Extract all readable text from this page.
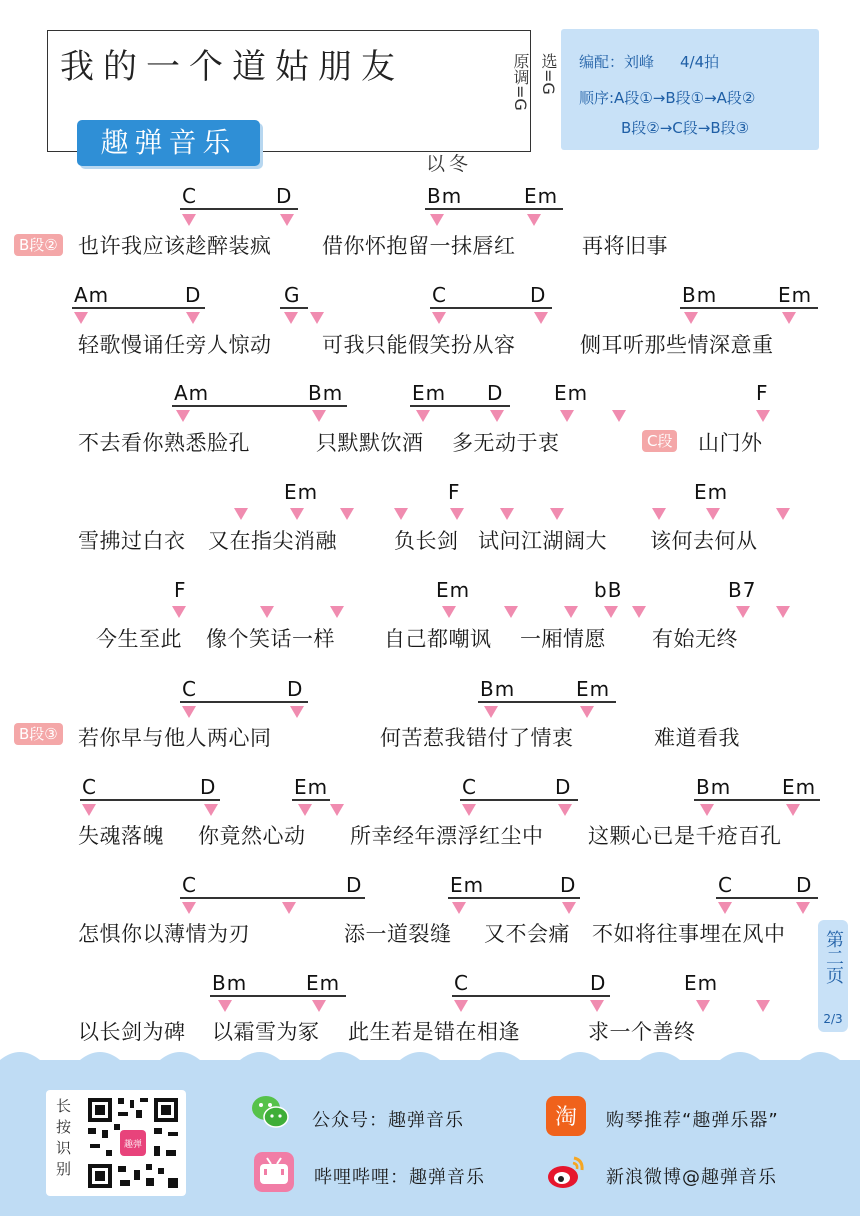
我的一个道姑朋友	选=G
原调=G
以冬
趣弹音乐
编配：刘峰 4/4拍
顺序:A段①→B段①→A段②
B段②→C段→B段③
B段②
C	D	Bm	Em
也许我应该趁醉装疯 借你怀抱留一抹唇红	再将旧事
Am	D	G	C	D	Bm	Em
轻歌慢诵任旁人惊动 可我只能假笑扮从容	侧耳听那些情深意重
Am	Bm	Em D	Em	F
不去看你熟悉脸孔	只默默饮酒 多无动于衷	C段 山门外
Em	F	Em
雪拂过白衣 又在指尖消融	负长剑 试问江湖阔大 该何去何从
F	Em	bB	B7
今生至此 像个笑话一样 自己都嘲讽 一厢情愿 有始无终
B段③
C	D	Bm	Em
若你早与他人两心同	何苦惹我错付了情衷	难道看我
C	D	Em	C	D	Bm	Em
失魂落魄 你竟然心动 所幸经年漂浮红尘中 这颗心已是千疮百孔
C	D	Em	D	C	D
怎惧你以薄情为刃	添一道裂缝 又不会痛 不如将往事埋在风中
Bm	Em	C	D	Em
以长剑为碑 以霜雪为冢 此生若是错在相逢	求一个善终
第二页
2/3
长按识别	趣弹
公众号：趣弹音乐	淘 购琴推荐“趣弹乐器”
哔哩哔哩：趣弹音乐	新浪微博@趣弹音乐
